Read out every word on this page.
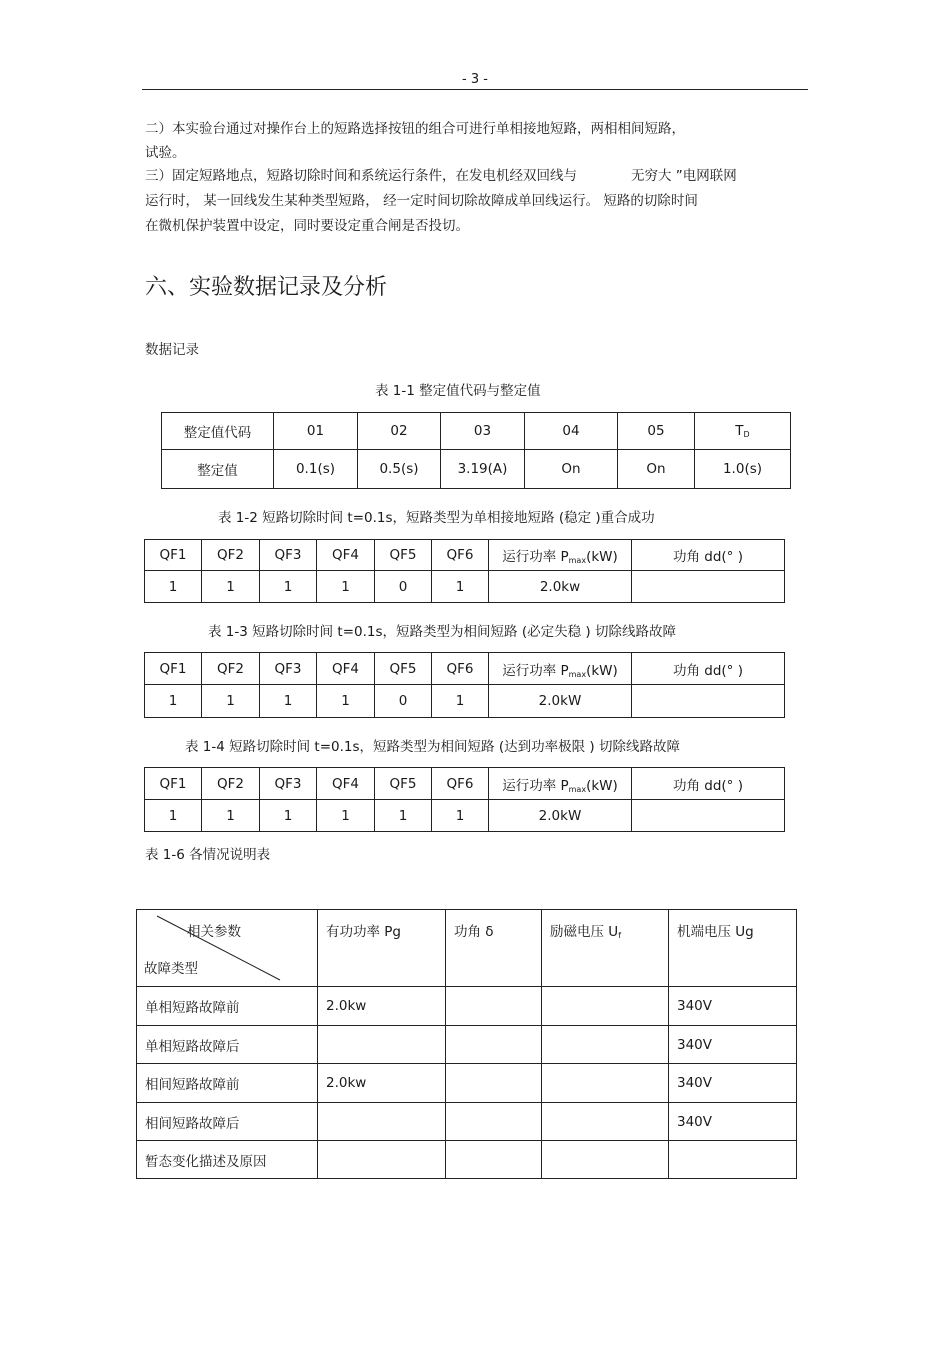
- 3 -

二）本实验台通过对操作台上的短路选择按钮的组合可进行单相接地短路，两相相间短路，

试验。

三）固定短路地点，短路切除时间和系统运行条件，在发电机经双回线与　　　　无穷大 ”电网联网

运行时， 某一回线发生某种类型短路， 经一定时间切除故障成单回线运行。 短路的切除时间

在微机保护装置中设定，同时要设定重合闸是否投切。

六、实验数据记录及分析
数据记录
表 1-1 整定值代码与整定值
整定值代码	01	02	03	04	05	$T_D$
整定值	0.1(s)	0.5(s)	3.19(A)	On	On	1.0(s)
表 1-2 短路切除时间 t=0.1s，短路类型为单相接地短路 (稳定 )重合成功
QF1	QF2	QF3	QF4	QF5	QF6	运行功率 $P_{max}(kW)$	功角 dd(° )
1	1	1	1	0	1	2.0kw	
表 1-3 短路切除时间 t=0.1s，短路类型为相间短路 (必定失稳 ) 切除线路故障
QF1	QF2	QF3	QF4	QF5	QF6	运行功率 $P_{max}(kW)$	功角 dd(° )
1	1	1	1	0	1	2.0kW	
表 1-4 短路切除时间 t=0.1s，短路类型为相间短路 (达到功率极限 ) 切除线路故障
QF1	QF2	QF3	QF4	QF5	QF6	运行功率 $P_{max}(kW)$	功角 dd(° )
1	1	1	1	1	1	2.0kW	
表 1-6 各情况说明表
相关参数
故障类型	有功功率 Pg	功角 δ	励磁电压 $U_f$	机端电压 Ug
单相短路故障前	2.0kw			340V
单相短路故障后				340V
相间短路故障前	2.0kw			340V
相间短路故障后				340V
暂态变化描述及原因				
